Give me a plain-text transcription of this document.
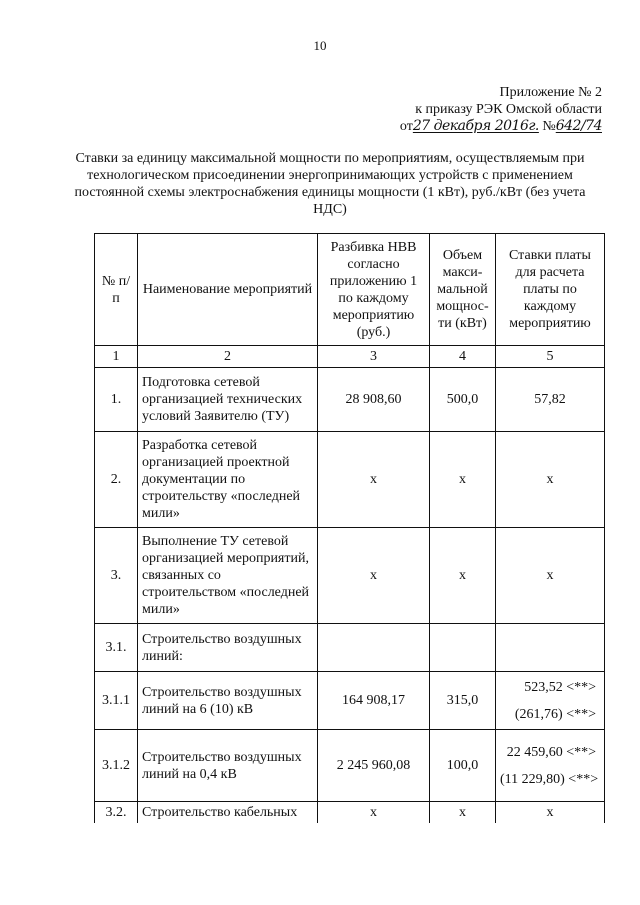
10
Приложение № 2
к приказу РЭК Омской области
от27 декабря 2016г. №642/74
Ставки за единицу максимальной мощности по мероприятиям, осуществляемым при технологическом присоединении энергопринимающих устройств с применением постоянной схемы электроснабжения единицы мощности (1 кВт), руб./кВт (без учета НДС)
№ п/п	Наименование мероприятий	Разбивка НВВ согласно приложению 1 по каждому мероприятию (руб.)	Объем макси-мальной мощнос-ти (кВт)	Ставки платы для расчета платы по каждому мероприятию
1	2	3	4	5
1.	Подготовка сетевой организацией технических условий Заявителю (ТУ)	28 908,60	500,0	57,82
2.	Разработка сетевой организацией проектной документации по строительству «последней мили»	х	х	х
3.	Выполнение ТУ сетевой организацией мероприятий, связанных со строительством «последней мили»	х	х	х
3.1.	Строительство воздушных линий:			
3.1.1	Строительство воздушных линий на 6 (10) кВ	164 908,17	315,0	523,52 <**>
(261,76) <**>

3.1.2	Строительство воздушных линий на 0,4 кВ	2 245 960,08	100,0	22 459,60 <**>
(11 229,80) <**>

3.2.	Строительство кабельных	х	х	х
